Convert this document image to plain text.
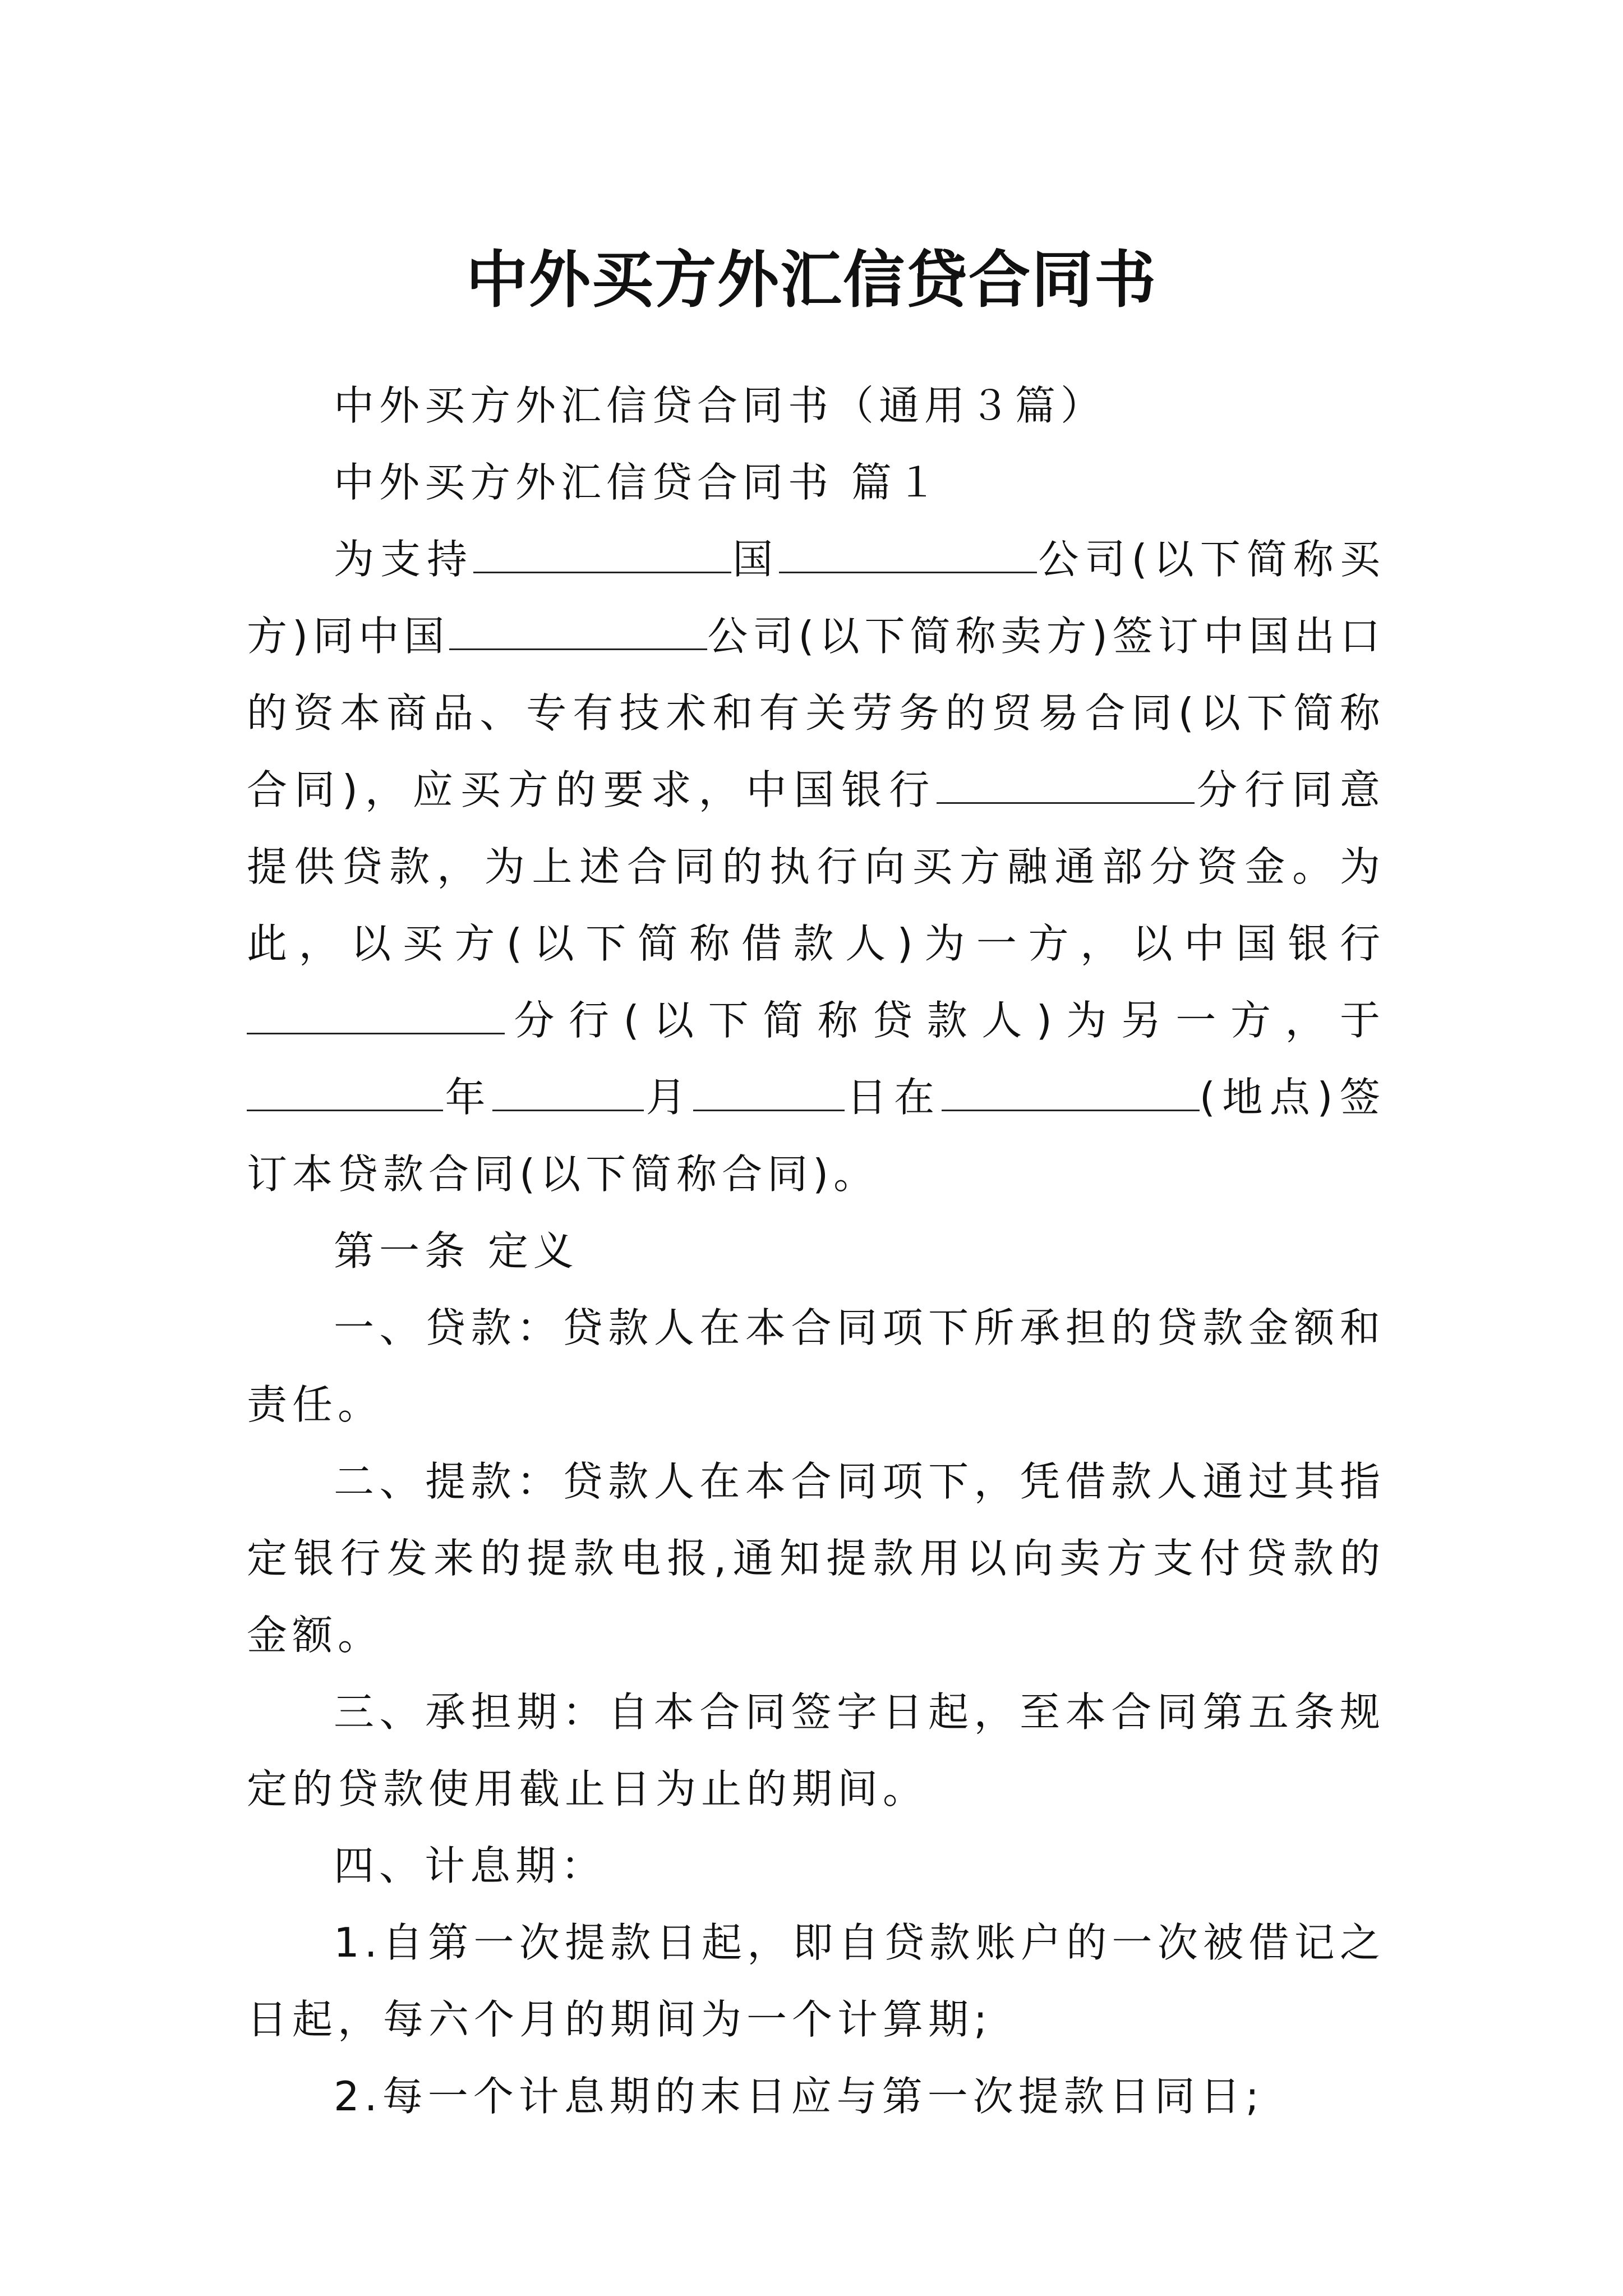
中外买方外汇信贷合同书

中外买方外汇信贷合同书（通用３篇）

中外买方外汇信贷合同书 篇１

为支持	国	公司(以下简称买方)同中国	公司(以下简称卖方)签订中国出口的资本商品、专有技术和有关劳务的贸易合同(以下简称合同)，应买方的要求，中国银行	分行同意提供贷款，为上述合同的执行向买方融通部分资金。为此，以买方(以下简称借款人)为一方，以中国银行分行(以下简称贷款人)为另一方，于年	月	日在	(地点)签订本贷款合同(以下简称合同)。

第一条 定义

一、贷款：贷款人在本合同项下所承担的贷款金额和责任。

二、提款：贷款人在本合同项下，凭借款人通过其指定银行发来的提款电报,通知提款用以向卖方支付贷款的金额。

三、承担期：自本合同签字日起，至本合同第五条规定的贷款使用截止日为止的期间。

四、计息期：

1.自第一次提款日起，即自贷款账户的一次被借记之日起，每六个月的期间为一个计算期;

2.每一个计息期的末日应与第一次提款日同日;
